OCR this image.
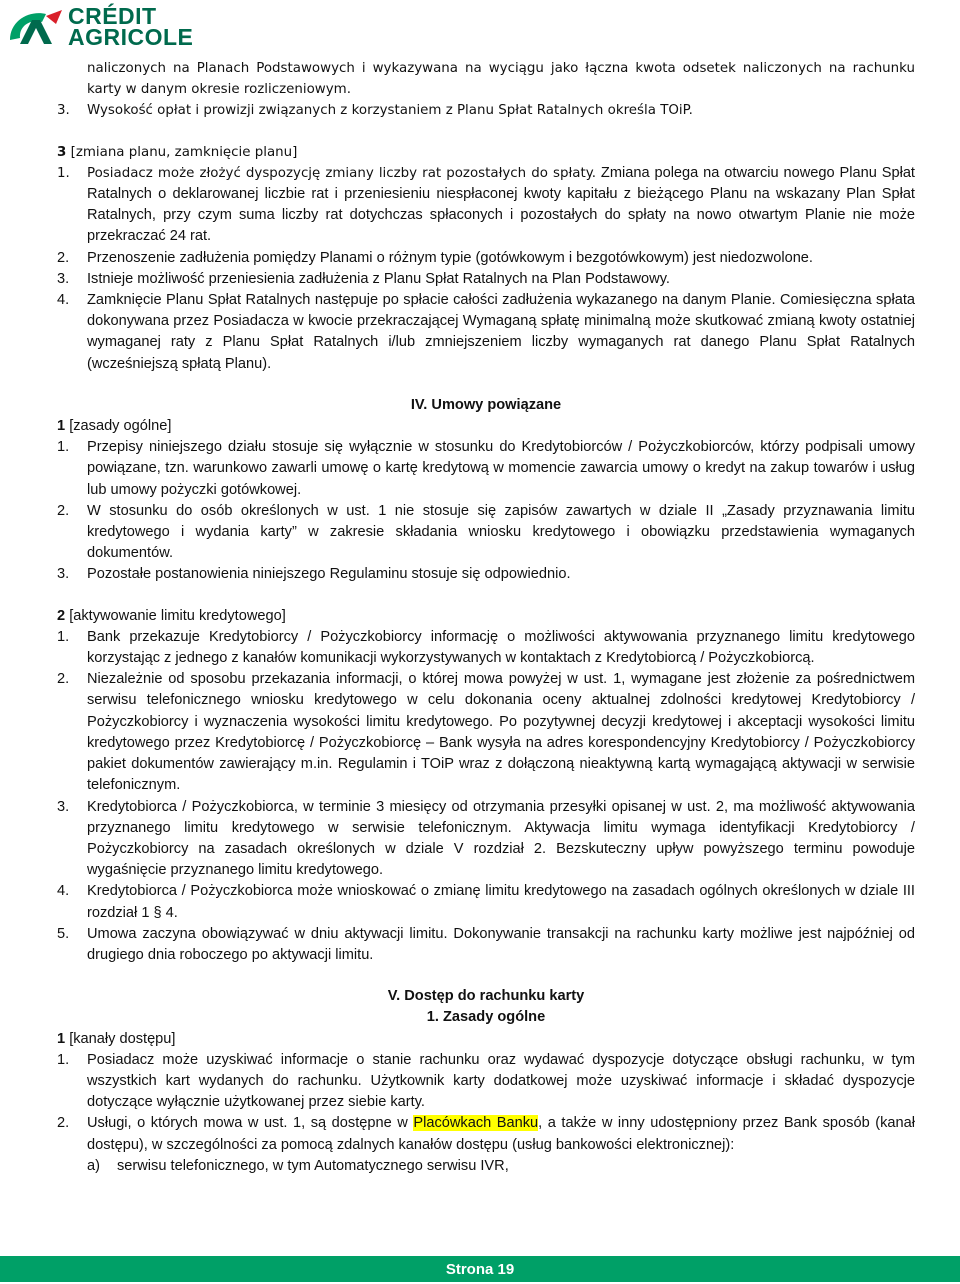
CRÉDIT
AGRICOLE
naliczonych na Planach Podstawowych i wykazywana na wyciągu jako łączna kwota odsetek naliczonych na rachunku karty w danym okresie rozliczeniowym.
3. Wysokość opłat i prowizji związanych z korzystaniem z Planu Spłat Ratalnych określa TOiP.
3 [zmiana planu, zamknięcie planu]
1. Posiadacz może złożyć dyspozycję zmiany liczby rat pozostałych do spłaty. Zmiana polega na otwarciu nowego Planu Spłat Ratalnych o deklarowanej liczbie rat i przeniesieniu niespłaconej kwoty kapitału z bieżącego Planu na wskazany Plan Spłat Ratalnych, przy czym suma liczby rat dotychczas spłaconych i pozostałych do spłaty na nowo otwartym Planie nie może przekraczać 24 rat.
2. Przenoszenie zadłużenia pomiędzy Planami o różnym typie (gotówkowym i bezgotówkowym) jest niedozwolone.
3. Istnieje możliwość przeniesienia zadłużenia z Planu Spłat Ratalnych na Plan Podstawowy.
4. Zamknięcie Planu Spłat Ratalnych następuje po spłacie całości zadłużenia wykazanego na danym Planie. Comiesięczna spłata dokonywana przez Posiadacza w kwocie przekraczającej Wymaganą spłatę minimalną może skutkować zmianą kwoty ostatniej wymaganej raty z Planu Spłat Ratalnych i/lub zmniejszeniem liczby wymaganych rat danego Planu Spłat Ratalnych (wcześniejszą spłatą Planu).
IV. Umowy powiązane
1 [zasady ogólne]
1. Przepisy niniejszego działu stosuje się wyłącznie w stosunku do Kredytobiorców / Pożyczkobiorców, którzy podpisali umowy powiązane, tzn. warunkowo zawarli umowę o kartę kredytową w momencie zawarcia umowy o kredyt na zakup towarów i usług lub umowy pożyczki gotówkowej.
2. W stosunku do osób określonych w ust. 1 nie stosuje się zapisów zawartych w dziale II „Zasady przyznawania limitu kredytowego i wydania karty” w zakresie składania wniosku kredytowego i obowiązku przedstawienia wymaganych dokumentów.
3. Pozostałe postanowienia niniejszego Regulaminu stosuje się odpowiednio.
2 [aktywowanie limitu kredytowego]
1. Bank przekazuje Kredytobiorcy / Pożyczkobiorcy informację o możliwości aktywowania przyznanego limitu kredytowego korzystając z jednego z kanałów komunikacji wykorzystywanych w kontaktach z Kredytobiorcą / Pożyczkobiorcą.
2. Niezależnie od sposobu przekazania informacji, o której mowa powyżej w ust. 1, wymagane jest złożenie za pośrednictwem serwisu telefonicznego wniosku kredytowego w celu dokonania oceny aktualnej zdolności kredytowej Kredytobiorcy / Pożyczkobiorcy i wyznaczenia wysokości limitu kredytowego. Po pozytywnej decyzji kredytowej i akceptacji wysokości limitu kredytowego przez Kredytobiorcę / Pożyczkobiorcę – Bank wysyła na adres korespondencyjny Kredytobiorcy / Pożyczkobiorcy pakiet dokumentów zawierający m.in. Regulamin i TOiP wraz z dołączoną nieaktywną kartą wymagającą aktywacji w serwisie telefonicznym.
3. Kredytobiorca / Pożyczkobiorca, w terminie 3 miesięcy od otrzymania przesyłki opisanej w ust. 2, ma możliwość aktywowania przyznanego limitu kredytowego w serwisie telefonicznym. Aktywacja limitu wymaga identyfikacji Kredytobiorcy / Pożyczkobiorcy na zasadach określonych w dziale V rozdział 2. Bezskuteczny upływ powyższego terminu powoduje wygaśnięcie przyznanego limitu kredytowego.
4. Kredytobiorca / Pożyczkobiorca może wnioskować o zmianę limitu kredytowego na zasadach ogólnych określonych w dziale III rozdział 1 § 4.
5. Umowa zaczyna obowiązywać w dniu aktywacji limitu. Dokonywanie transakcji na rachunku karty możliwe jest najpóźniej od drugiego dnia roboczego po aktywacji limitu.
V. Dostęp do rachunku karty
1. Zasady ogólne
1 [kanały dostępu]
1. Posiadacz może uzyskiwać informacje o stanie rachunku oraz wydawać dyspozycje dotyczące obsługi rachunku, w tym wszystkich kart wydanych do rachunku. Użytkownik karty dodatkowej może uzyskiwać informacje i składać dyspozycje dotyczące wyłącznie użytkowanej przez siebie karty.
2. Usługi, o których mowa w ust. 1, są dostępne w Placówkach Banku, a także w inny udostępniony przez Bank sposób (kanał dostępu), w szczególności za pomocą zdalnych kanałów dostępu (usług bankowości elektronicznej):
a) serwisu telefonicznego, w tym Automatycznego serwisu IVR,
Strona 19
